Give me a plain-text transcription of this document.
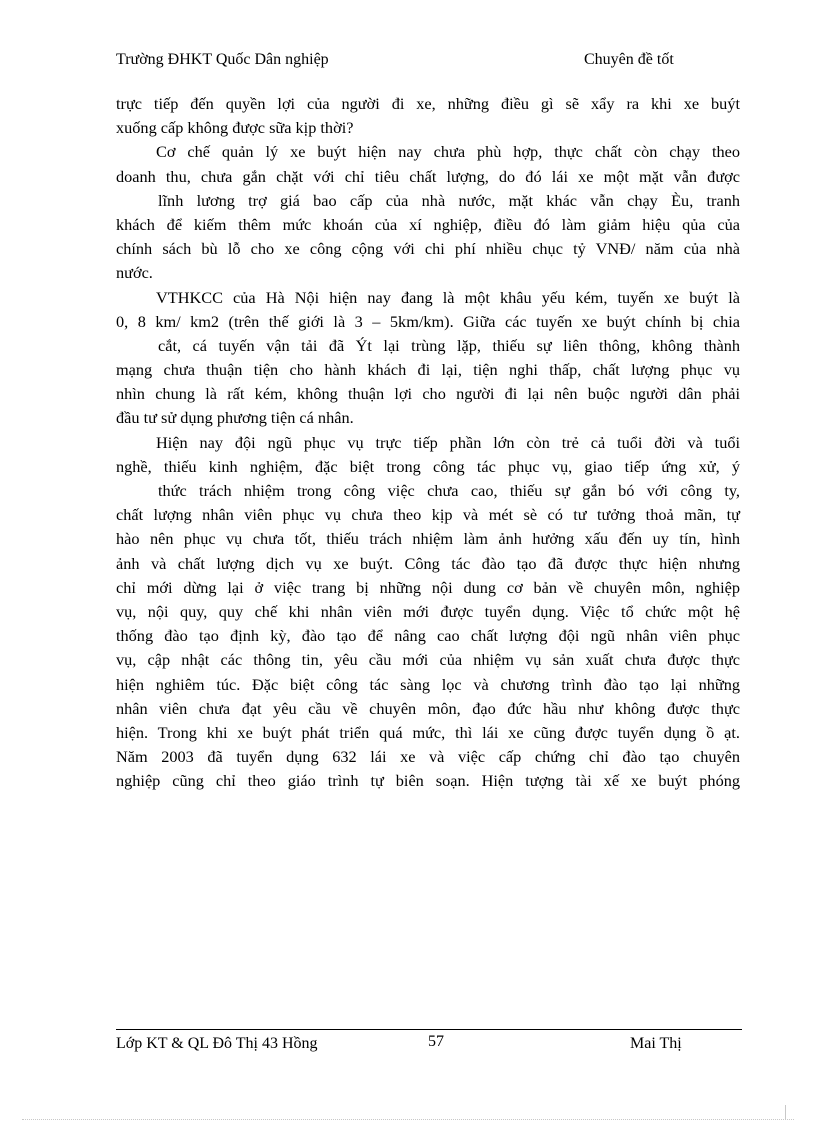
Trường ĐHKT Quốc Dân nghiệp	Chuyên đề tốt
trực tiếp đến quyền lợi của người đi xe, những điều gì sẽ xẩy ra khi xe buýt
xuống cấp không được sữa kịp thời?
Cơ chế quản lý xe buýt hiện nay chưa phù hợp, thực chất còn chạy theo
doanh thu, chưa gắn chặt với chỉ tiêu chất lượng, do đó lái xe một mặt vẫn được
lĩnh lương trợ giá bao cấp của nhà nước, mặt khác vẫn chạy Èu, tranh
khách để kiếm thêm mức khoán của xí nghiệp, điều đó làm giảm hiệu qủa của
chính sách bù lỗ cho xe công cộng với chi phí nhiều chục tỷ VNĐ/ năm của nhà
nước.
VTHKCC của Hà Nội hiện nay đang là một khâu yếu kém, tuyến xe buýt là
0, 8 km/ km2 (trên thế giới là 3 – 5km/km). Giữa các tuyến xe buýt chính bị chia
cắt, cá tuyến vận tải đã Ýt lại trùng lặp, thiếu sự liên thông, không thành
mạng chưa thuận tiện cho hành khách đi lại, tiện nghi thấp, chất lượng phục vụ
nhìn chung là rất kém, không thuận lợi cho người đi lại nên buộc người dân phải
đầu tư sử dụng phương tiện cá nhân.
Hiện nay đội ngũ phục vụ trực tiếp phần lớn còn trẻ cả tuổi đời và tuổi
nghề, thiếu kinh nghiệm, đặc biệt trong công tác phục vụ, giao tiếp ứng xử, ý
thức trách nhiệm trong công việc chưa cao, thiếu sự gắn bó với công ty,
chất lượng nhân viên phục vụ chưa theo kịp và mét sè có tư tưởng thoả mãn, tự
hào nên phục vụ chưa tốt, thiếu trách nhiệm làm ảnh hưởng xấu đến uy tín, hình
ảnh và chất lượng dịch vụ xe buýt. Công tác đào tạo đã được thực hiện nhưng
chỉ mới dừng lại ở việc trang bị những nội dung cơ bản về chuyên môn, nghiệp
vụ, nội quy, quy chế khi nhân viên mới được tuyển dụng. Việc tổ chức một hệ
thống đào tạo định kỳ, đào tạo để nâng cao chất lượng đội ngũ nhân viên phục
vụ, cập nhật các thông tin, yêu cầu mới của nhiệm vụ sản xuất chưa được thực
hiện nghiêm túc. Đặc biệt công tác sàng lọc và chương trình đào tạo lại những
nhân viên chưa đạt yêu cầu về chuyên môn, đạo đức hầu như không được thực
hiện. Trong khi xe buýt phát triển quá mức, thì lái xe cũng được tuyển dụng ồ ạt.
Năm 2003 đã tuyển dụng 632 lái xe và việc cấp chứng chỉ đào tạo chuyên
nghiệp cũng chỉ theo giáo trình tự biên soạn. Hiện tượng tài xế xe buýt phóng
Lớp KT & QL Đô Thị 43 Hồng	57	Mai Thị
